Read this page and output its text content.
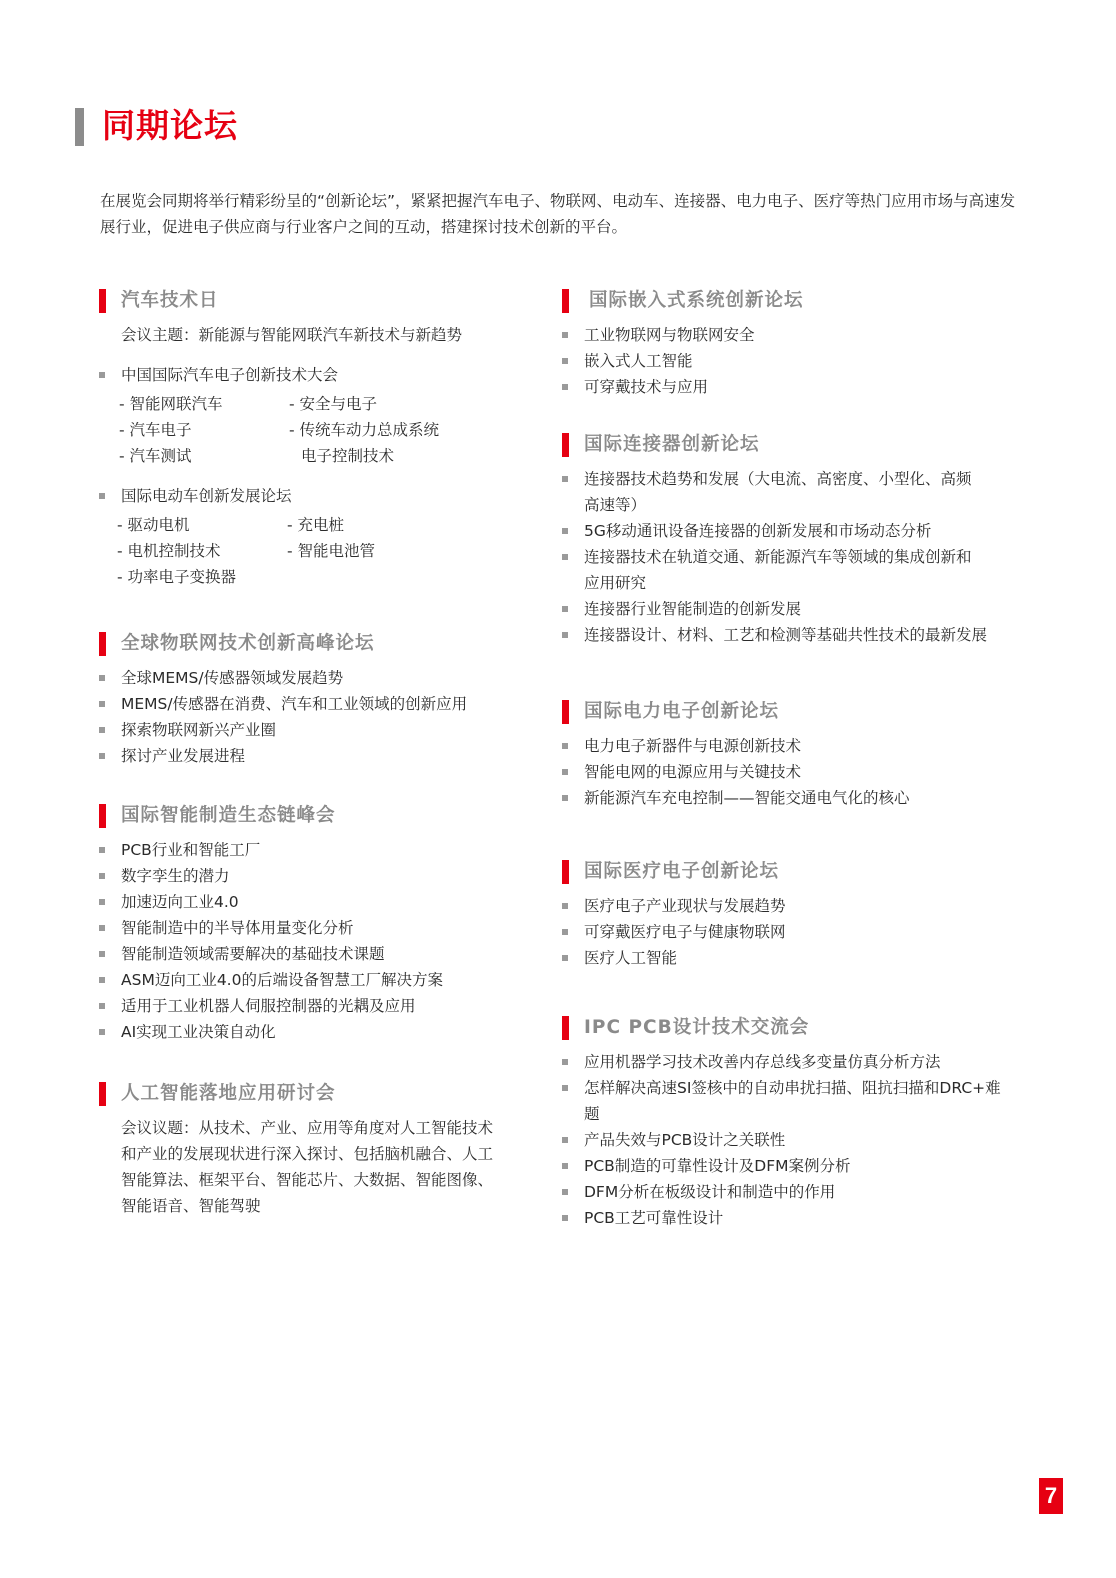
同期论坛
在展览会同期将举行精彩纷呈的“创新论坛”，紧紧把握汽车电子、物联网、电动车、连接器、电力电子、医疗等热门应用市场与高速发展行业，促进电子供应商与行业客户之间的互动，搭建探讨技术创新的平台。
汽车技术日
会议主题：新能源与智能网联汽车新技术与新趋势
中国国际汽车电子创新技术大会
- 智能网联汽车	- 安全与电子
- 汽车电子	- 传统车动力总成系统
- 汽车测试	电子控制技术
国际电动车创新发展论坛
- 驱动电机	- 充电桩
- 电机控制技术	- 智能电池管
- 功率电子变换器
全球物联网技术创新高峰论坛
全球MEMS/传感器领域发展趋势
MEMS/传感器在消费、汽车和工业领域的创新应用
探索物联网新兴产业圈
探讨产业发展进程
国际智能制造生态链峰会
PCB行业和智能工厂
数字孪生的潜力
加速迈向工业4.0
智能制造中的半导体用量变化分析
智能制造领域需要解决的基础技术课题
ASM迈向工业4.0的后端设备智慧工厂解决方案
适用于工业机器人伺服控制器的光耦及应用
AI实现工业决策自动化
人工智能落地应用研讨会
会议议题：从技术、产业、应用等角度对人工智能技术和产业的发展现状进行深入探讨、包括脑机融合、人工智能算法、框架平台、智能芯片、大数据、智能图像、智能语音、智能驾驶
国际嵌入式系统创新论坛
工业物联网与物联网安全
嵌入式人工智能
可穿戴技术与应用
国际连接器创新论坛
连接器技术趋势和发展（大电流、高密度、小型化、高频高速等）
5G移动通讯设备连接器的创新发展和市场动态分析
连接器技术在轨道交通、新能源汽车等领域的集成创新和应用研究
连接器行业智能制造的创新发展
连接器设计、材料、工艺和检测等基础共性技术的最新发展
国际电力电子创新论坛
电力电子新器件与电源创新技术
智能电网的电源应用与关键技术
新能源汽车充电控制——智能交通电气化的核心
国际医疗电子创新论坛
医疗电子产业现状与发展趋势
可穿戴医疗电子与健康物联网
医疗人工智能
IPC PCB设计技术交流会
应用机器学习技术改善内存总线多变量仿真分析方法
怎样解决高速SI签核中的自动串扰扫描、阻抗扫描和DRC+难题
产品失效与PCB设计之关联性
PCB制造的可靠性设计及DFM案例分析
DFM分析在板级设计和制造中的作用
PCB工艺可靠性设计
7
